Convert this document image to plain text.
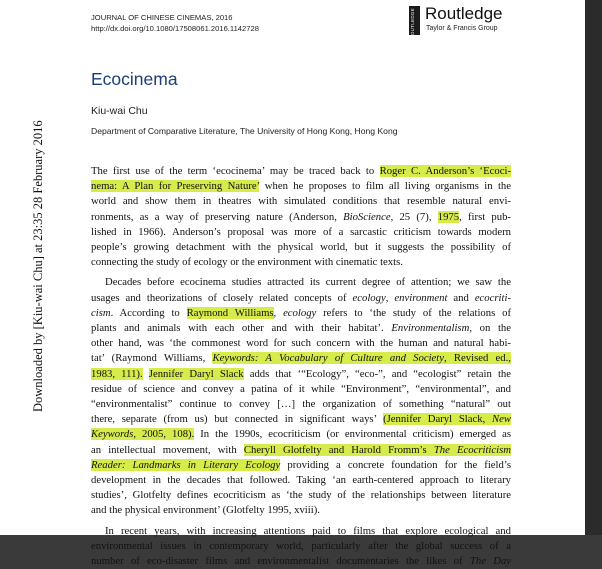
Downloaded by [Kiu-wai Chu] at 23:35 28 February 2016
JOURNAL OF CHINESE CINEMAS, 2016
http://dx.doi.org/10.1080/17508061.2016.1142728	ROUTLEDGE Routledge
Taylor & Francis Group
Ecocinema
Kiu-wai Chu
Department of Comparative Literature, The University of Hong Kong, Hong Kong

The first use of the term ‘ecocinema’ may be traced back to Roger C. Anderson’s ‘Ecoci-

nema: A Plan for Preserving Nature’ when he proposes to film all living organisms in the

world and show them in theatres with simulated conditions that resemble natural envi-

ronments, as a way of preserving nature (Anderson, BioScience, 25 (7), 1975, first pub-

lished in 1966). Anderson’s proposal was more of a sarcastic criticism towards modern

people’s growing detachment with the physical world, but it suggests the possibility of

connecting the study of ecology or the environment with cinematic texts.

Decades before ecocinema studies attracted its current degree of attention; we saw the

usages and theorizations of closely related concepts of ecology, environment and ecocriti-

cism. According to Raymond Williams, ecology refers to ‘the study of the relations of

plants and animals with each other and with their habitat’. Environmentalism, on the

other hand, was ‘the commonest word for such concern with the human and natural habi-

tat’ (Raymond Williams, Keywords: A Vocabulary of Culture and Society, Revised ed.,

1983, 111). Jennifer Daryl Slack adds that ‘“Ecology”, “eco-”, and “ecologist” retain the

residue of science and convey a patina of it while “Environment”, “environmental”, and

“environmentalist” continue to convey […] the organization of something “natural” out

there, separate (from us) but connected in significant ways’ (Jennifer Daryl Slack, New

Keywords, 2005, 108). In the 1990s, ecocriticism (or environmental criticism) emerged as

an intellectual movement, with Cheryll Glotfelty and Harold Fromm’s The Ecocriticism

Reader: Landmarks in Literary Ecology providing a concrete foundation for the field’s

development in the decades that followed. Taking ‘an earth-centered approach to literary

studies’, Glotfelty defines ecocriticism as ‘the study of the relationships between literature

and the physical environment’ (Glotfelty 1995, xviii).

In recent years, with increasing attentions paid to films that explore ecological and

environmental issues in contemporary world, particularly after the global success of a

number of eco-disaster films and environmentalist documentaries the likes of The Day
